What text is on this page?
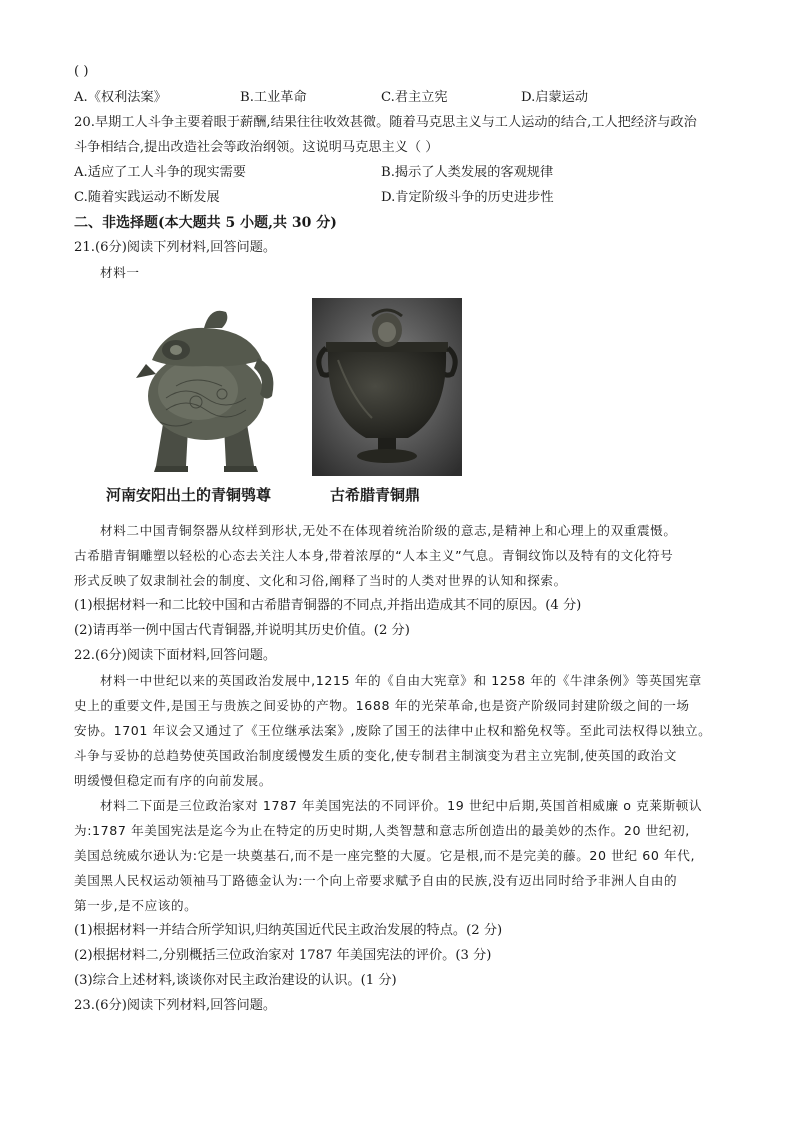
( )
A.《权利法案》	B.工业革命	C.君主立宪	D.启蒙运动
20.早期工人斗争主要着眼于薪酬,结果往往收效甚微。随着马克思主义与工人运动的结合,工人把经济与政治
斗争相结合,提出改造社会等政治纲领。这说明马克思主义（ ）
A.适应了工人斗争的现实需要	B.揭示了人类发展的客观规律
C.随着实践运动不断发展	D.肯定阶级斗争的历史进步性
二、非选择题(本大题共 5 小题,共 30 分)
21.(6分)阅读下列材料,回答问题。
材料一
河南安阳出土的青铜鸮尊	古希腊青铜鼎
材料二中国青铜祭器从纹样到形状,无处不在体现着统治阶级的意志,是精神上和心理上的双重震慑。
古希腊青铜雕塑以轻松的心态去关注人本身,带着浓厚的“人本主义”气息。青铜纹饰以及特有的文化符号
形式反映了奴隶制社会的制度、文化和习俗,阐释了当时的人类对世界的认知和探索。
(1)根据材料一和二比较中国和古希腊青铜器的不同点,并指出造成其不同的原因。(4 分)
(2)请再举一例中国古代青铜器,并说明其历史价值。(2 分)
22.(6分)阅读下面材料,回答问题。
材料一中世纪以来的英国政治发展中,1215 年的《自由大宪章》和 1258 年的《牛津条例》等英国宪章
史上的重要文件,是国王与贵族之间妥协的产物。1688 年的光荣革命,也是资产阶级同封建阶级之间的一场
安协。1701 年议会又通过了《王位继承法案》,废除了国王的法律中止权和豁免权等。至此司法权得以独立。
斗争与妥协的总趋势使英国政治制度缓慢发生质的变化,使专制君主制演变为君主立宪制,使英国的政治文
明缓慢但稳定而有序的向前发展。
材料二下面是三位政治家对 1787 年美国宪法的不同评价。19 世纪中后期,英国首相威廉 o 克莱斯顿认
为:1787 年美国宪法是迄今为止在特定的历史时期,人类智慧和意志所创造出的最美妙的杰作。20 世纪初,
美国总统威尔逊认为:它是一块奠基石,而不是一座完整的大厦。它是根,而不是完美的藤。20 世纪 60 年代,
美国黑人民权运动领袖马丁路德金认为:一个向上帝要求赋予自由的民族,没有迈出同时给予非洲人自由的
第一步,是不应该的。
(1)根据材料一并结合所学知识,归纳英国近代民主政治发展的特点。(2 分)
(2)根据材料二,分别概括三位政治家对 1787 年美国宪法的评价。(3 分)
(3)综合上述材料,谈谈你对民主政治建设的认识。(1 分)
23.(6分)阅读下列材料,回答问题。
